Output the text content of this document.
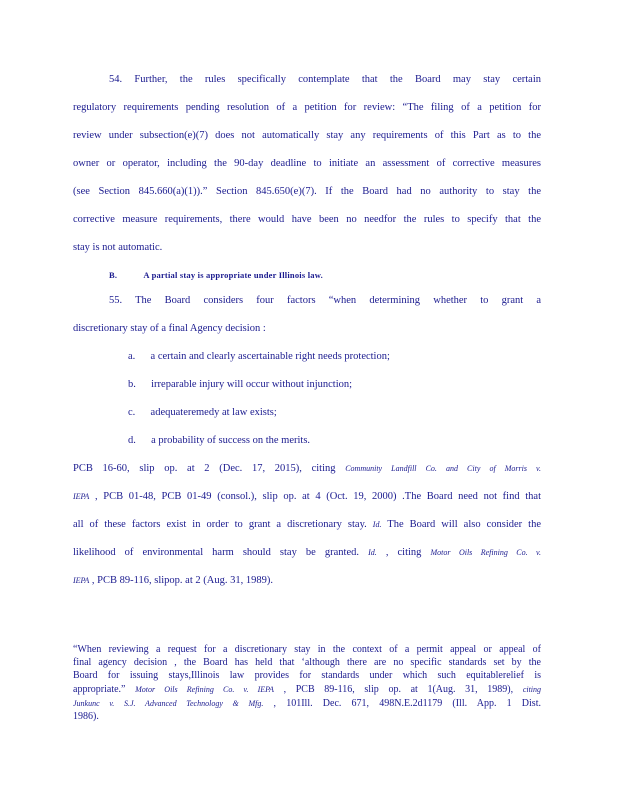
54. Further, the rules specifically contemplate that the Board may stay certain
regulatory requirements pending resolution of a petition for review: “The filing of a petition for
review under subsection(e)(7) does not automatically stay any requirements of this Part as to the
owner or operator, including the 90-day deadline to initiate an assessment of corrective measures
(see Section 845.660(a)(1)).” Section 845.650(e)(7). If the Board had no authority to stay the
corrective measure requirements, there would have been no needfor the rules to specify that the
stay is not automatic.
B.	A partial stay is appropriate under Illinois law.
55. The Board considers four factors “when determining whether to grant a
discretionary stay of a final Agency decision :
a. a certain and clearly ascertainable right needs protection;
b. irreparable injury will occur without injunction;
c. adequateremedy at law exists;
d. a probability of success on the merits.
PCB 16-60, slip op. at 2 (Dec. 17, 2015), citing Community Landfill Co. and City of Morris v.
IEPA , PCB 01-48, PCB 01-49 (consol.), slip op. at 4 (Oct. 19, 2000) .The Board need not find that
all of these factors exist in order to grant a discretionary stay. Id. The Board will also consider the
likelihood of environmental harm should stay be granted. Id. , citing Motor Oils Refining Co. v.
IEPA , PCB 89-116, slipop. at 2 (Aug. 31, 1989).
“When reviewing a request for a discretionary stay in the context of a permit appeal or appeal of
final agency decision , the Board has held that ‘although there are no specific standards set by the
Board for issuing stays,Illinois law provides for standards under which such equitablerelief is
appropriate.” Motor Oils Refining Co. v. IEPA , PCB 89-116, slip op. at 1(Aug. 31, 1989), citing
Junkunc v. S.J. Advanced Technology & Mfg. , 101Ill. Dec. 671, 498N.E.2d1179 (Ill. App. 1 Dist.
1986).
